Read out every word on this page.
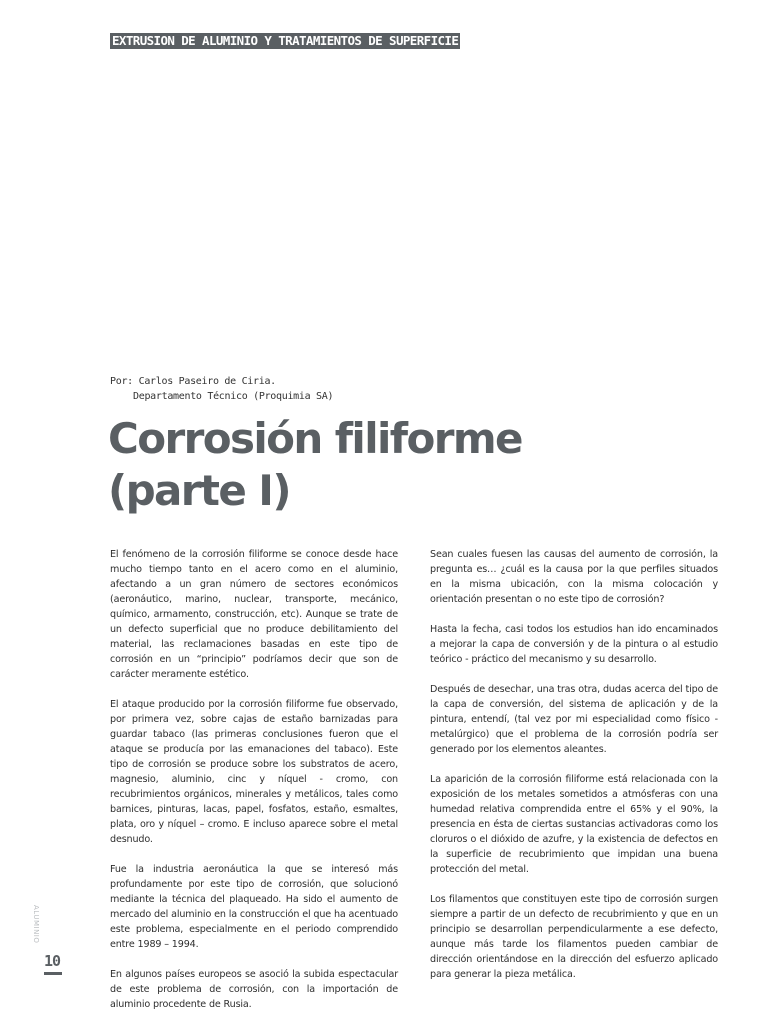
EXTRUSION DE ALUMINIO Y TRATAMIENTOS DE SUPERFICIE
Por: Carlos Paseiro de Ciria.
Departamento Técnico (Proquimia SA)
Corrosión filiforme
(parte I)

El fenómeno de la corrosión filiforme se conoce desde hace mucho tiempo tanto en el acero como en el aluminio, afectando a un gran número de sectores económicos (aeronáutico, marino, nuclear, transporte, mecánico, químico, armamento, construcción, etc). Aunque se trate de un defecto superficial que no produce debilitamiento del material, las reclamaciones basadas en este tipo de corrosión en un “principio” podríamos decir que son de carácter meramente estético.

El ataque producido por la corrosión filiforme fue observado, por primera vez, sobre cajas de estaño barnizadas para guardar tabaco (las primeras conclusiones fueron que el ataque se producía por las emanaciones del tabaco). Este tipo de corrosión se produce sobre los substratos de acero, magnesio, aluminio, cinc y níquel - cromo, con recubrimientos orgánicos, minerales y metálicos, tales como barnices, pinturas, lacas, papel, fosfatos, estaño, esmaltes, plata, oro y níquel – cromo. E incluso aparece sobre el metal desnudo.

Fue la industria aeronáutica la que se interesó más profundamente por este tipo de corrosión, que solucionó mediante la técnica del plaqueado. Ha sido el aumento de mercado del aluminio en la construcción el que ha acentuado este problema, especialmente en el periodo comprendido entre 1989 – 1994.

En algunos países europeos se asoció la subida espectacular de este problema de corrosión, con la importación de aluminio procedente de Rusia.

Sean cuales fuesen las causas del aumento de corrosión, la pregunta es… ¿cuál es la causa por la que perfiles situados en la misma ubicación, con la misma colocación y orientación presentan o no este tipo de corrosión?

Hasta la fecha, casi todos los estudios han ido encaminados a mejorar la capa de conversión y de la pintura o al estudio teórico - práctico del mecanismo y su desarrollo.

Después de desechar, una tras otra, dudas acerca del tipo de la capa de conversión, del sistema de aplicación y de la pintura, entendí, (tal vez por mi especialidad como físico - metalúrgico) que el problema de la corrosión podría ser generado por los elementos aleantes.

La aparición de la corrosión filiforme está relacionada con la exposición de los metales sometidos a atmósferas con una humedad relativa comprendida entre el 65% y el 90%, la presencia en ésta de ciertas sustancias activadoras como los cloruros o el dióxido de azufre, y la existencia de defectos en la superficie de recubrimiento que impidan una buena protección del metal.

Los filamentos que constituyen este tipo de corrosión surgen siempre a partir de un defecto de recubrimiento y que en un principio se desarrollan perpendicularmente a ese defecto, aunque más tarde los filamentos pueden cambiar de dirección orientándose en la dirección del esfuerzo aplicado para generar la pieza metálica.

ALUMINIO
10
